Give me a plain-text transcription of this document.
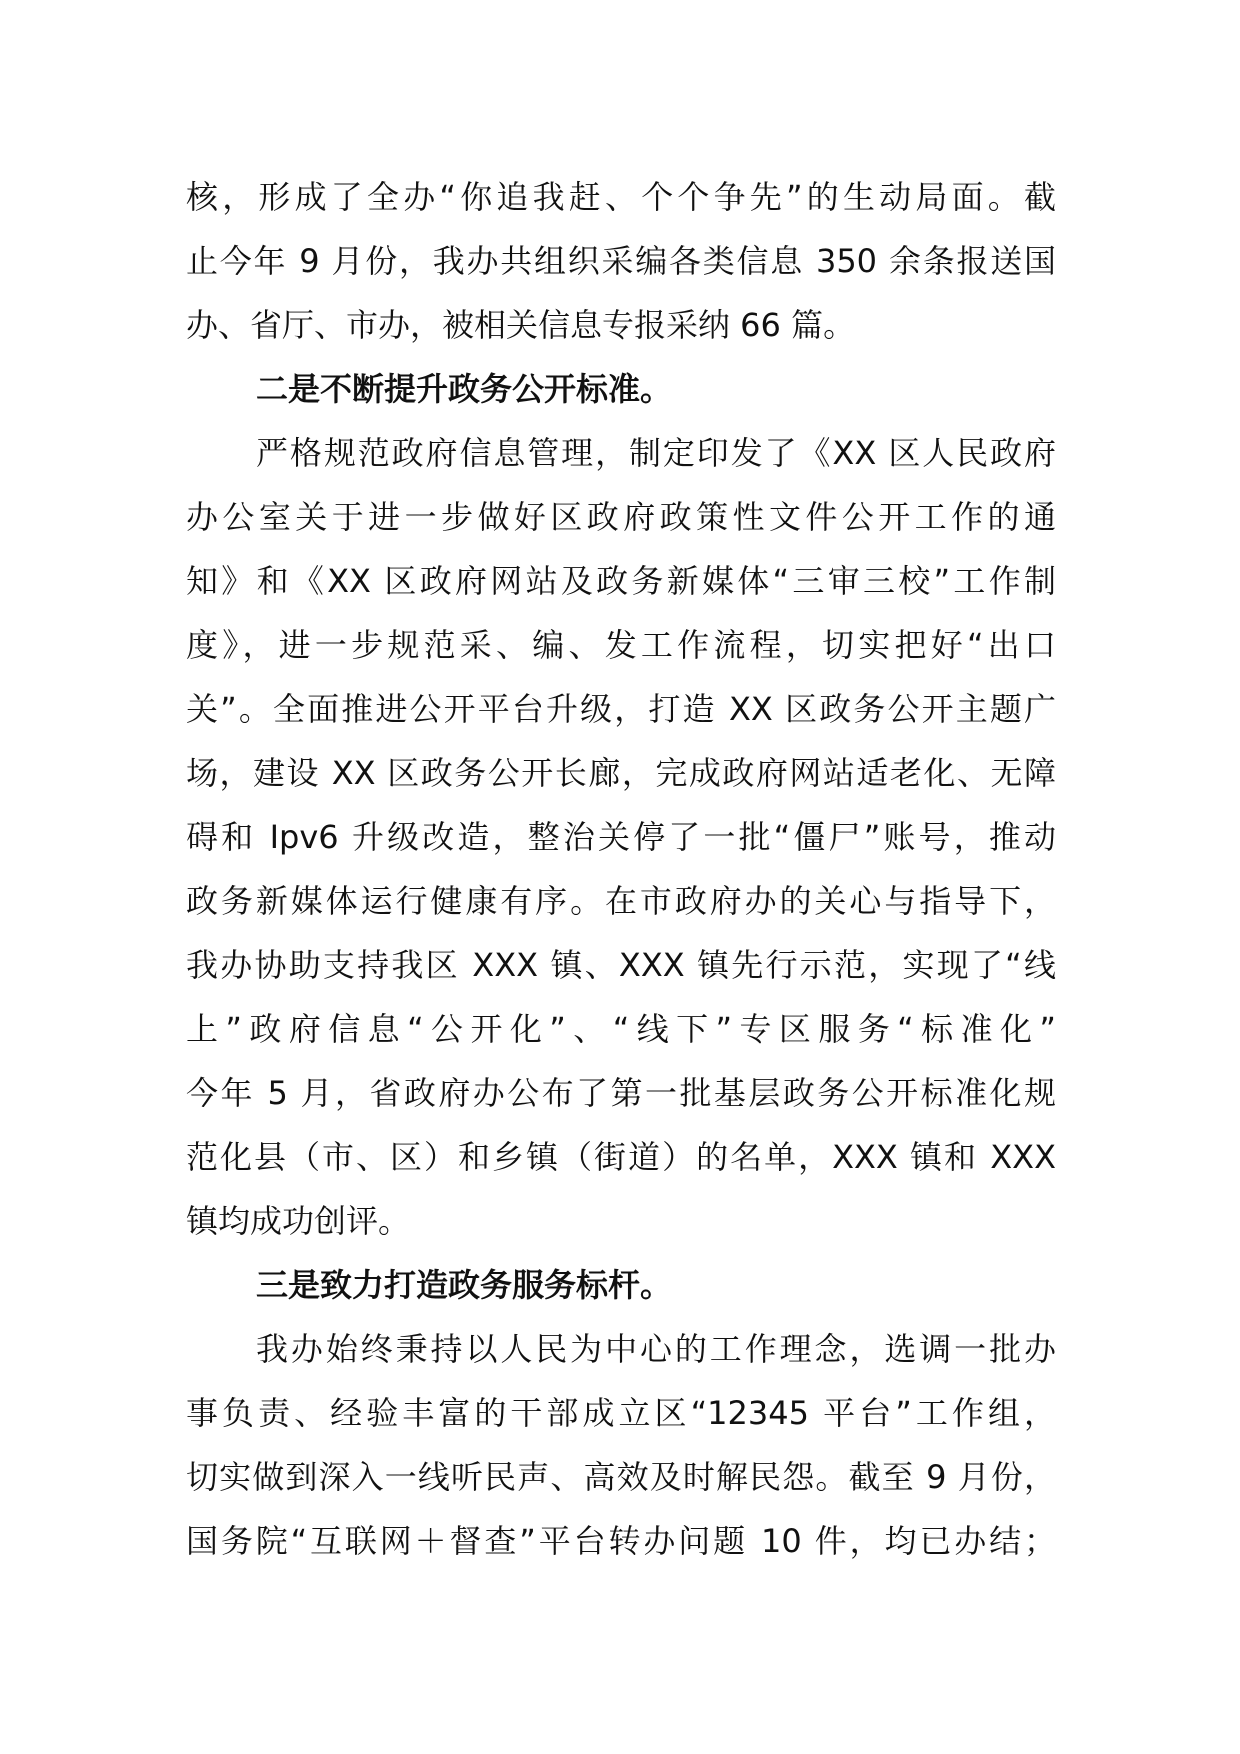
核，形成了全办“你追我赶、个个争先”的生动局面。截
止今年 9 月份，我办共组织采编各类信息 350 余条报送国
办、省厅、市办，被相关信息专报采纳 66 篇。
二是不断提升政务公开标准。
严格规范政府信息管理，制定印发了《XX 区人民政府
办公室关于进一步做好区政府政策性文件公开工作的通
知》和《XX 区政府网站及政务新媒体“三审三校”工作制
度》，进一步规范采、编、发工作流程，切实把好“出口
关”。全面推进公开平台升级，打造 XX 区政务公开主题广
场，建设 XX 区政务公开长廊，完成政府网站适老化、无障
碍和 Ipv6 升级改造，整治关停了一批“僵尸”账号，推动
政务新媒体运行健康有序。在市政府办的关心与指导下，
我办协助支持我区 XXX 镇、XXX 镇先行示范，实现了“线
上”政府信息“公开化”、“线下”专区服务“标准化”
今年 5 月，省政府办公布了第一批基层政务公开标准化规
范化县（市、区）和乡镇（街道）的名单，XXX 镇和 XXX
镇均成功创评。
三是致力打造政务服务标杆。
我办始终秉持以人民为中心的工作理念，选调一批办
事负责、经验丰富的干部成立区“12345 平台”工作组，
切实做到深入一线听民声、高效及时解民怨。截至 9 月份，
国务院“互联网＋督查”平台转办问题 10 件，均已办结；
